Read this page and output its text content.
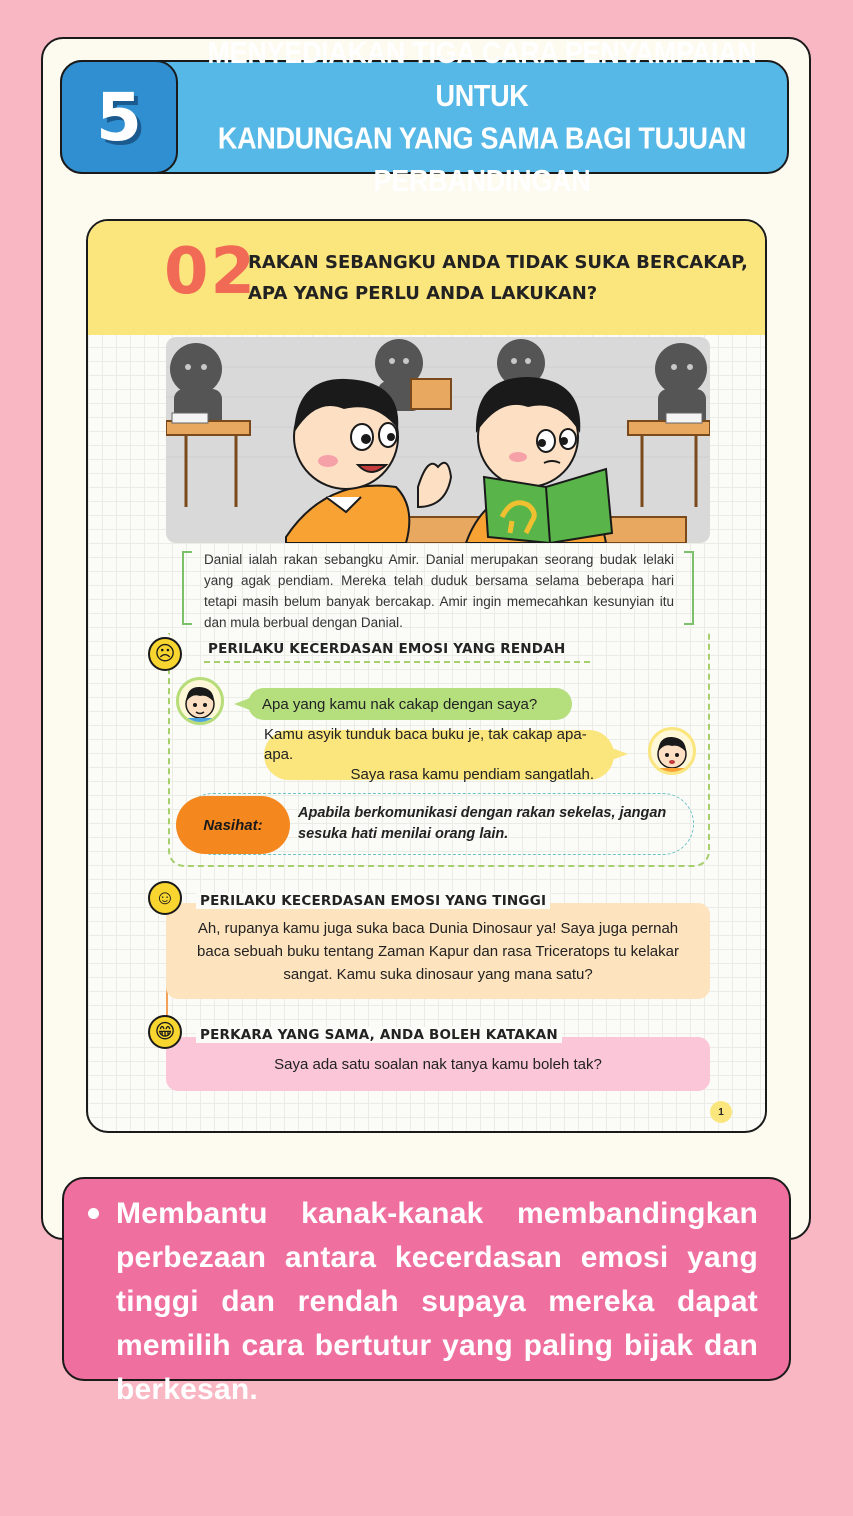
5
MENYEDIAKAN TIGA CARA PENYAMPAIAN UNTUK
KANDUNGAN YANG SAMA BAGI TUJUAN PERBANDINGAN
02
RAKAN SEBANGKU ANDA TIDAK SUKA BERCAKAP,
APA YANG PERLU ANDA LAKUKAN?
Danial ialah rakan sebangku Amir. Danial merupakan seorang budak lelaki yang agak pendiam. Mereka telah duduk bersama selama beberapa hari tetapi masih belum banyak bercakap. Amir ingin memecahkan kesunyian itu dan mula berbual dengan Danial.
☹	PERILAKU KECERDASAN EMOSI YANG RENDAH
Apa yang kamu nak cakap dengan saya?
Kamu asyik tunduk baca buku je, tak cakap apa-apa.
Saya rasa kamu pendiam sangatlah.
Nasihat:
Apabila berkomunikasi dengan rakan sekelas, jangan
sesuka hati menilai orang lain.
Ah, rupanya kamu juga suka baca Dunia Dinosaur ya! Saya juga pernah
baca sebuah buku tentang Zaman Kapur dan rasa Triceratops tu kelakar
sangat. Kamu suka dinosaur yang mana satu?
☺	PERILAKU KECERDASAN EMOSI YANG TINGGI
Saya ada satu soalan nak tanya kamu boleh tak?
😁	PERKARA YANG SAMA, ANDA BOLEH KATAKAN
1
Membantu kanak-kanak membandingkan perbezaan antara kecerdasan emosi yang tinggi dan rendah supaya mereka dapat memilih cara bertutur yang paling bijak dan berkesan.
